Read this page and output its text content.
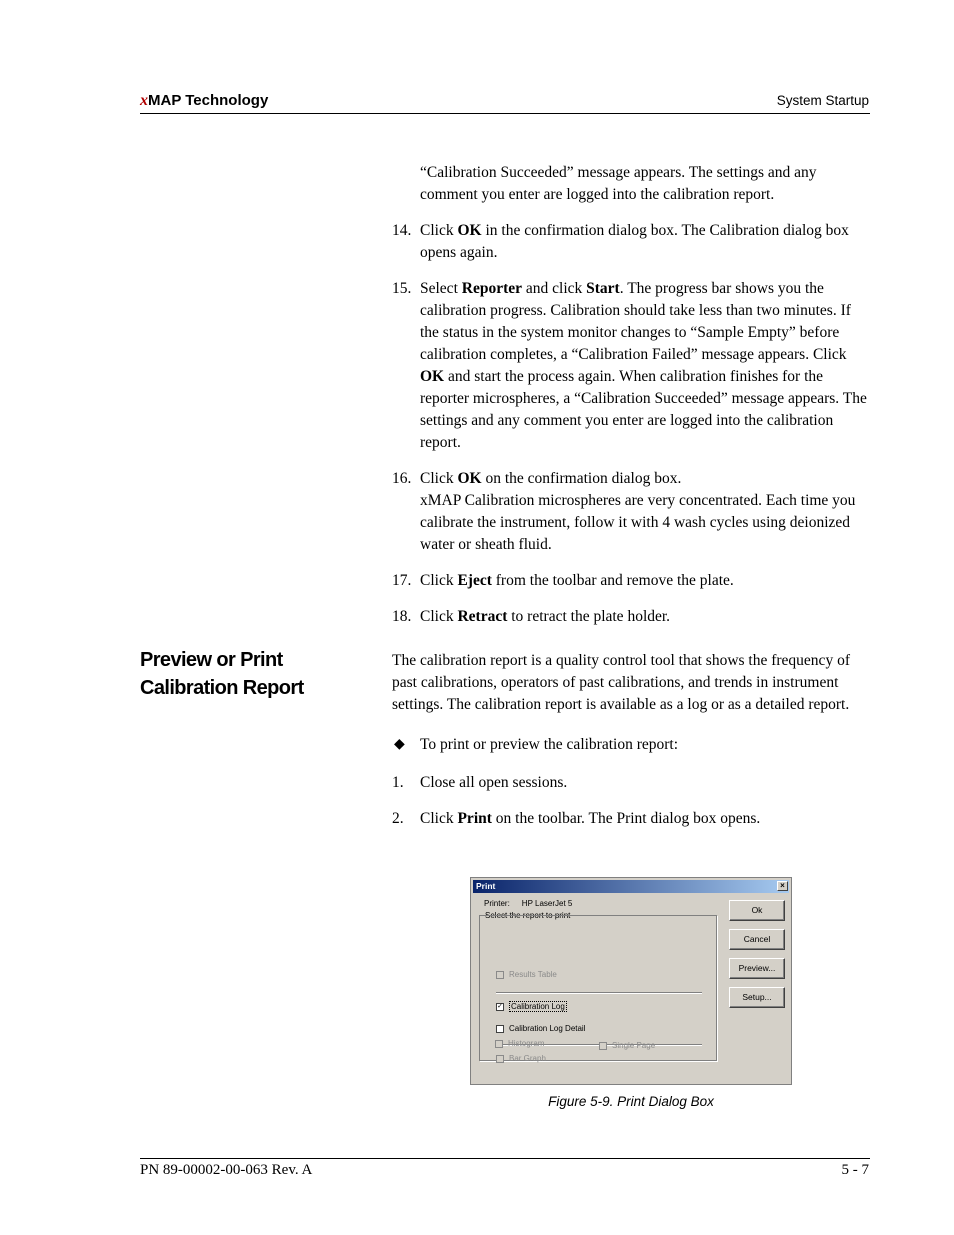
xMAP Technology	System Startup

“Calibration Succeeded” message appears. The settings and any comment you enter are logged into the calibration report.

14. Click OK in the confirmation dialog box. The Calibration dialog box opens again.
15. Select Reporter and click Start. The progress bar shows you the calibration progress. Calibration should take less than two minutes. If the status in the system monitor changes to “Sample Empty” before calibration completes, a “Calibration Failed” message appears. Click OK and start the process again. When calibration finishes for the reporter microspheres, a “Calibration Succeeded” message appears. The settings and any comment you enter are logged into the calibration report.
16. Click OK on the confirmation dialog box.
xMAP Calibration microspheres are very concentrated. Each time you calibrate the instrument, follow it with 4 wash cycles using deionized water or sheath fluid.
17. Click Eject from the toolbar and remove the plate.
18. Click Retract to retract the plate holder.
Preview or Print Calibration Report

The calibration report is a quality control tool that shows the frequency of past calibrations, operators of past calibrations, and trends in instrument settings. The calibration report is available as a log or as a detailed report.

◆ To print or preview the calibration report:
1. Close all open sessions.
2. Click Print on the toolbar. The Print dialog box opens.
Print	×
Printer: HP LaserJet 5
Select the report to print
Results Table
✓ Calibration Log
Calibration Log Detail
Bar Graph
Histogram	Single Page
Ok
Cancel
Preview...
Setup...
Figure 5-9. Print Dialog Box
PN 89-00002-00-063 Rev. A	5 - 7
